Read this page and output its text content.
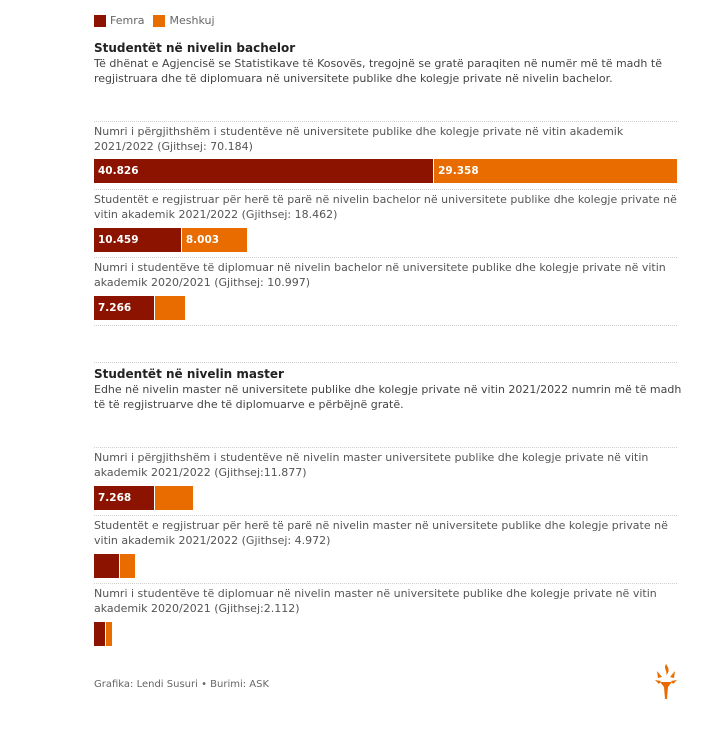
Femra Meshkuj
Studentët në nivelin bachelor
Të dhënat e Agjencisë se Statistikave të Kosovës, tregojnë se gratë paraqiten në numër më të madh të regjistruara dhe të diplomuara në universitete publike dhe kolegje private në nivelin bachelor.
Numri i përgjithshëm i studentëve në universitete publike dhe kolegje private në vitin akademik 2021/2022 (Gjithsej: 70.184)
40.826	29.358
Studentët e regjistruar për herë të parë në nivelin bachelor në universitete publike dhe kolegje private në vitin akademik 2021/2022 (Gjithsej: 18.462)
10.459	8.003
Numri i studentëve të diplomuar në nivelin bachelor në universitete publike dhe kolegje private në vitin akademik 2020/2021 (Gjithsej: 10.997)
7.266
Studentët në nivelin master
Edhe në nivelin master në universitete publike dhe kolegje private në vitin 2021/2022 numrin më të madh të të regjistruarve dhe të diplomuarve e përbëjnë gratë.
Numri i përgjithshëm i studentëve në nivelin master universitete publike dhe kolegje private në vitin akademik 2021/2022 (Gjithsej:11.877)
7.268
Studentët e regjistruar për herë të parë në nivelin master në universitete publike dhe kolegje private në vitin akademik 2021/2022 (Gjithsej: 4.972)
Numri i studentëve të diplomuar në nivelin master në universitete publike dhe kolegje private në vitin akademik 2020/2021 (Gjithsej:2.112)
Grafika: Lendi Susuri • Burimi: ASK
